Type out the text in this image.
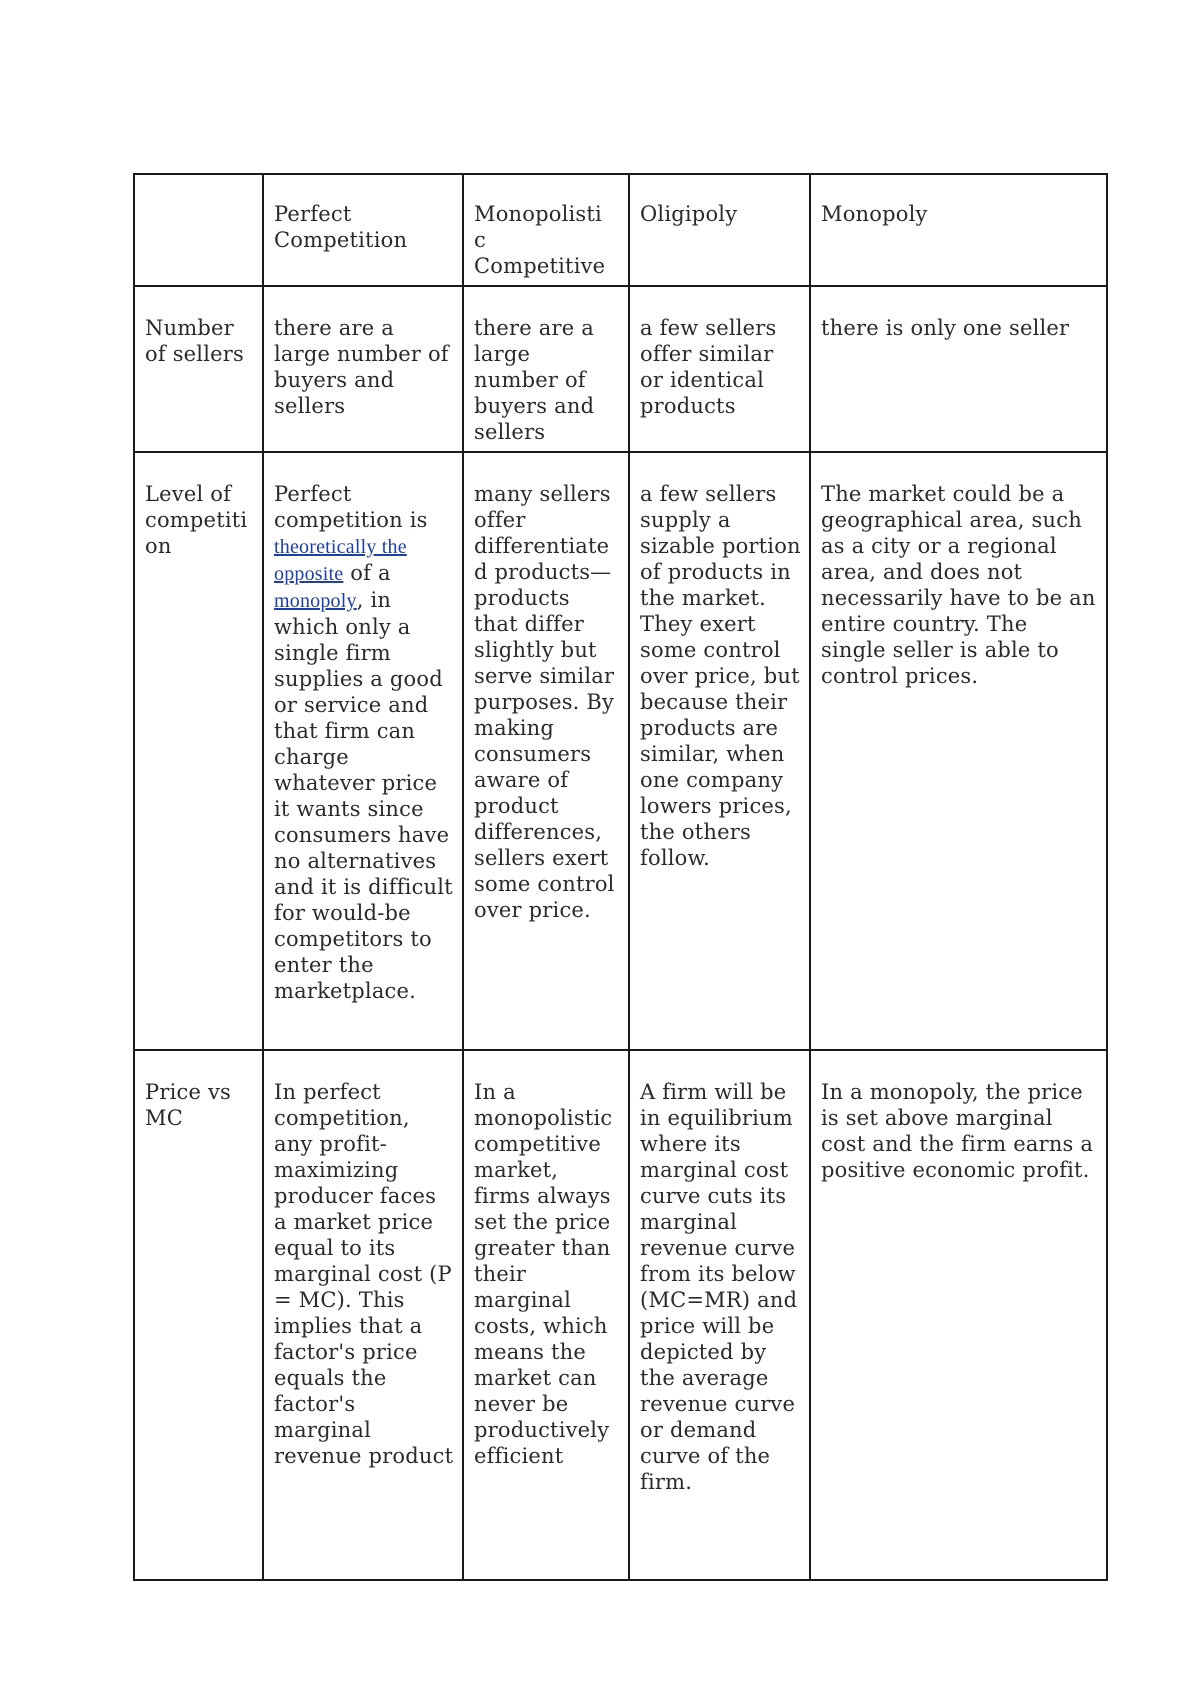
	Perfect Competition	Monopolisti c Competitive	Oligipoly	Monopoly
Number of sellers	there are a large number of buyers and sellers	there are a large number of buyers and sellers	a few sellers offer similar or identical products	there is only one seller
Level of competiti on	Perfect competition is theoretically the opposite of a monopoly, in which only a single firm supplies a good or service and that firm can charge whatever price it wants since consumers have no alternatives and it is difficult for would-be competitors to enter the marketplace.	many sellers offer differentiate d products—products that differ slightly but serve similar purposes. By making consumers aware of product differences, sellers exert some control over price.	a few sellers supply a sizable portion of products in the market. They exert some control over price, but because their products are similar, when one company lowers prices, the others follow.	The market could be a geographical area, such as a city or a regional area, and does not necessarily have to be an entire country. The single seller is able to control prices.
Price vs MC	In perfect competition, any profit-maximizing producer faces a market price equal to its marginal cost (P = MC). This implies that a factor's price equals the factor's marginal revenue product	In a monopolistic competitive market, firms always set the price greater than their marginal costs, which means the market can never be productively efficient	A firm will be in equilibrium where its marginal cost curve cuts its marginal revenue curve from its below (MC=MR) and price will be depicted by the average revenue curve or demand curve of the firm.	In a monopoly, the price is set above marginal cost and the firm earns a positive economic profit.
